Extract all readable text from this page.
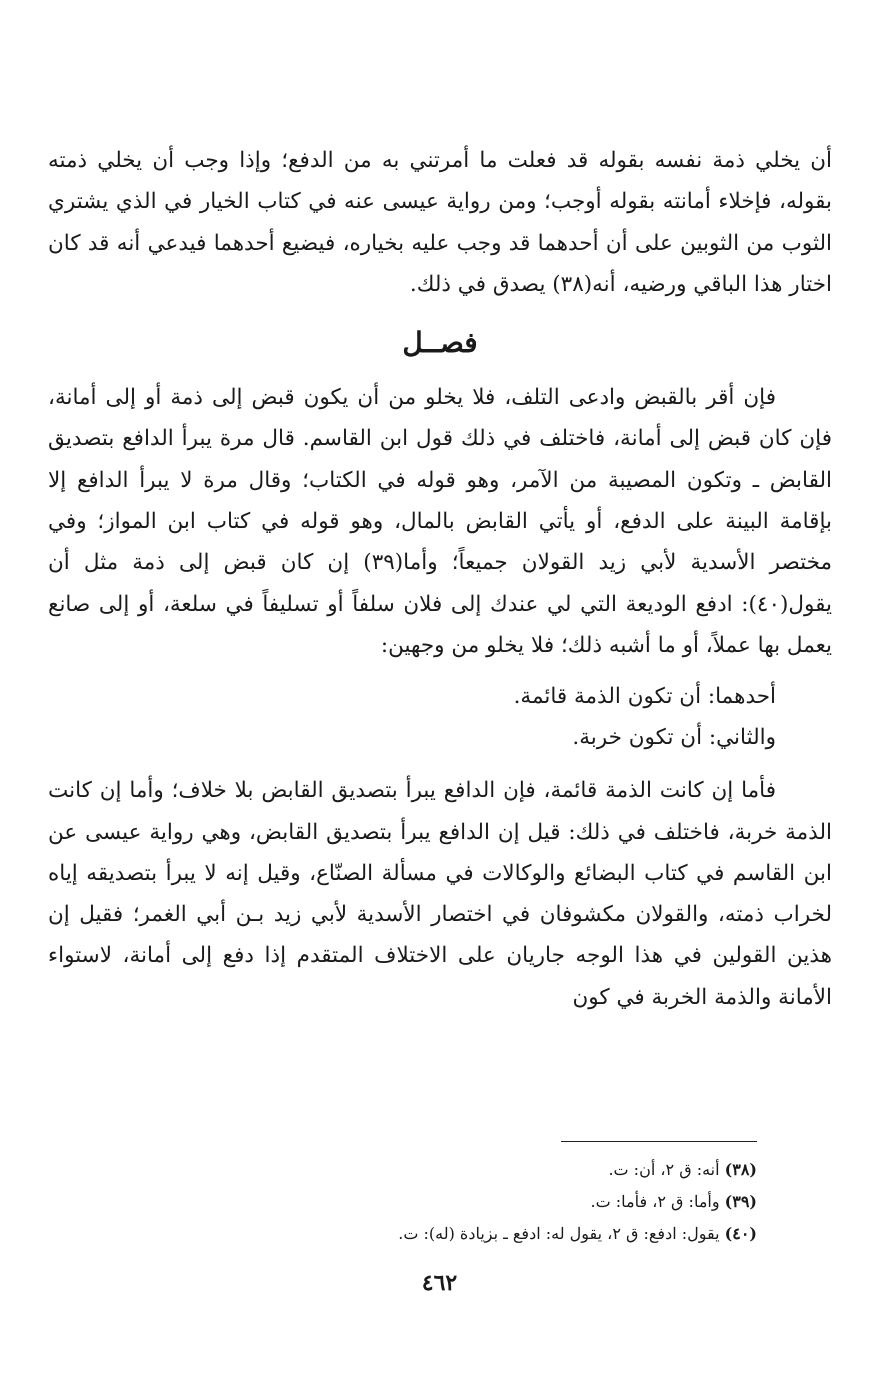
أن يخلي ذمة نفسه بقوله قد فعلت ما أمرتني به من الدفع؛ وإذا وجب أن يخلي ذمته بقوله، فإخلاء أمانته بقوله أوجب؛ ومن رواية عيسى عنه في كتاب الخيار في الذي يشتري الثوب من الثوبين على أن أحدهما قد وجب عليه بخياره، فيضيع أحدهما فيدعي أنه قد كان اختار هذا الباقي ورضيه، أنه(٣٨) يصدق في ذلك.

فصــل

فإن أقر بالقبض وادعى التلف، فلا يخلو من أن يكون قبض إلى ذمة أو إلى أمانة، فإن كان قبض إلى أمانة، فاختلف في ذلك قول ابن القاسم. قال مرة يبرأ الدافع بتصديق القابض ـ وتكون المصيبة من الآمر، وهو قوله في الكتاب؛ وقال مرة لا يبرأ الدافع إلا بإقامة البينة على الدفع، أو يأتي القابض بالمال، وهو قوله في كتاب ابن المواز؛ وفي مختصر الأسدية لأبي زيد القولان جميعاً؛ وأما(٣٩) إن كان قبض إلى ذمة مثل أن يقول(٤٠): ادفع الوديعة التي لي عندك إلى فلان سلفاً أو تسليفاً في سلعة، أو إلى صانع يعمل بها عملاً، أو ما أشبه ذلك؛ فلا يخلو من وجهين:

أحدهما: أن تكون الذمة قائمة.

والثاني: أن تكون خربة.

فأما إن كانت الذمة قائمة، فإن الدافع يبرأ بتصديق القابض بلا خلاف؛ وأما إن كانت الذمة خربة، فاختلف في ذلك: قيل إن الدافع يبرأ بتصديق القابض، وهي رواية عيسى عن ابن القاسم في كتاب البضائع والوكالات في مسألة الصنّاع، وقيل إنه لا يبرأ بتصديقه إياه لخراب ذمته، والقولان مكشوفان في اختصار الأسدية لأبي زيد بـن أبي الغمر؛ فقيل إن هذين القولين في هذا الوجه جاريان على الاختلاف المتقدم إذا دفع إلى أمانة، لاستواء الأمانة والذمة الخربة في كون

(٣٨) أنه: ق ٢، أن: ت.

(٣٩) وأما: ق ٢، فأما: ت.

(٤٠) يقول: ادفع: ق ٢، يقول له: ادفع ـ بزيادة (له): ت.

٤٦٢
